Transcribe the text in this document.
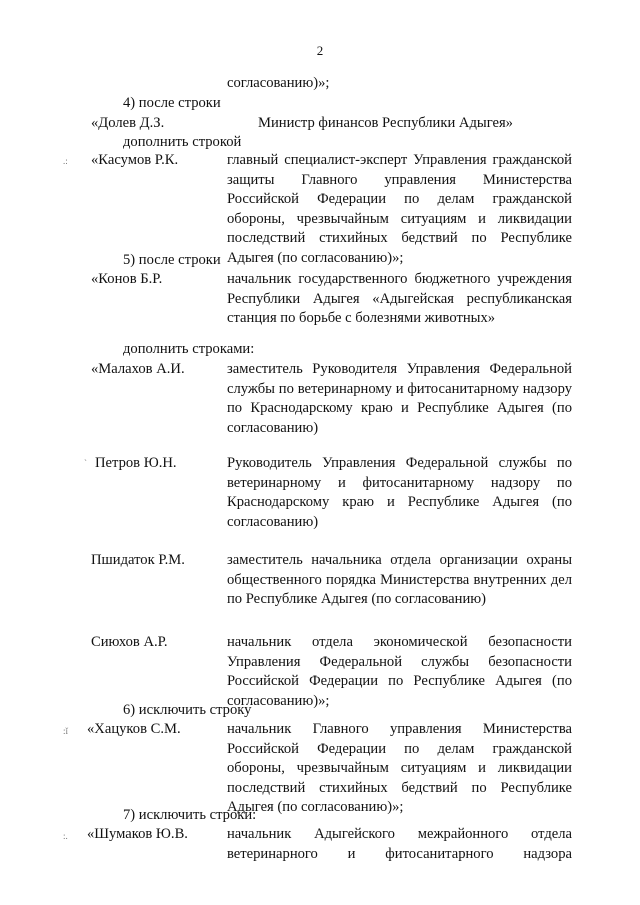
2
согласованию)»;
4) после строки
«Долев Д.З.	Министр финансов Республики Адыгея»
дополнить строкой
.: «Касумов Р.К.	главный специалист-эксперт Управления гражданской защиты Главного управления Министерства Российской Федерации по делам гражданской обороны, чрезвычайным ситуациям и ликвидации последствий стихийных бедствий по Республике Адыгея (по согласованию)»;
5) после строки
«Конов Б.Р.	начальник государственного бюджетного учреждения Республики Адыгея «Адыгейская республиканская станция по борьбе с болезнями животных»
дополнить строками:
«Малахов А.И.	заместитель Руководителя Управления Федеральной службы по ветеринарному и фитосанитарному надзору по Краснодарскому краю и Республике Адыгея (по согласованию)
` Петров Ю.Н.	Руководитель Управления Федеральной службы по ветеринарному и фитосанитарному надзору по Краснодарскому краю и Республике Адыгея (по согласованию)
Пшидаток Р.М.	заместитель начальника отдела организации охраны общественного порядка Министерства внутренних дел по Республике Адыгея (по согласованию)
Сиюхов А.Р.	начальник отдела экономической безопасности Управления Федеральной службы безопасности Российской Федерации по Республике Адыгея (по согласованию)»;
6) исключить строку
:ǐ «Хацуков С.М.	начальник Главного управления Министерства Российской Федерации по делам гражданской обороны, чрезвычайным ситуациям и ликвидации последствий стихийных бедствий по Республике Адыгея (по согласованию)»;
7) исключить строки:
:. «Шумаков Ю.В.	начальник Адыгейского межрайонного отдела ветеринарного и фитосанитарного надзора
